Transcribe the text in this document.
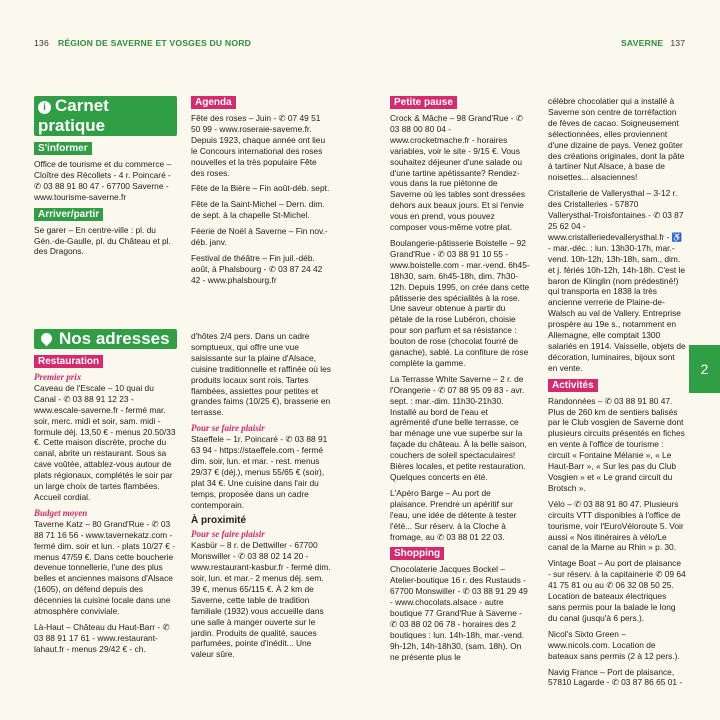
136 RÉGION DE SAVERNE ET VOSGES DU NORD	SAVERNE 137
2
i Carnet pratique
S'informer

Office de tourisme et du commerce – Cloître des Récollets - 4 r. Poincaré - ✆ 03 88 91 80 47 - 67700 Saverne - www.tourisme-saverne.fr

Arriver/partir

Se garer – En centre-ville : pl. du Gén.-de-Gaulle, pl. du Château et pl. des Dragons.

Nos adresses
Restauration
Premier prix

Caveau de l'Escale – 10 quai du Canal - ✆ 03 88 91 12 23 - www.escale-saverne.fr - fermé mar. soir, merc. midi et soir, sam. midi - formule déj. 13,50 € - menus 20.50/33 €. Cette maison discrète, proche du canal, abrite un restaurant. Sous sa cave voûtée, attablez-vous autour de plats régionaux, complétés le soir par un large choix de tartes flambées. Accueil cordial.

Budget moyen

Taverne Katz – 80 Grand'Rue - ✆ 03 88 71 16 56 - www.tavernekatz.com - fermé dim. soir et lun. - plats 10/27 € - menus 47/59 €. Dans cette boucherie devenue tonnellerie, l'une des plus belles et anciennes maisons d'Alsace (1605), on défend depuis des décennies la cuisine locale dans une atmosphère conviviale.

Là-Haut – Château du Haut-Barr - ✆ 03 88 91 17 61 - www.restaurant-lahaut.fr - menus 29/42 € - ch.

Agenda

Fête des roses – Juin - ✆ 07 49 51 50 99 - www.roseraie-saverne.fr. Depuis 1923, chaque année ont lieu le Concours international des roses nouvelles et la très populaire Fête des roses.

Fête de la Bière – Fin août-déb. sept.

Fête de la Saint-Michel – Dern. dim. de sept. à la chapelle St-Michel.

Féerie de Noël à Saverne – Fin nov.-déb. janv.

Festival de théâtre – Fin juil.-déb. août, à Phalsbourg - ✆ 03 87 24 42 42 - www.phalsbourg.fr

d'hôtes 2/4 pers. Dans un cadre somptueux, qui offre une vue saisissante sur la plaine d'Alsace, cuisine traditionnelle et raffinée où les produits locaux sont rois. Tartes flambées, assiettes pour petites et grandes faims (10/25 €), brasserie en terrasse.

Pour se faire plaisir

Staeffele – 1r. Poincaré - ✆ 03 88 91 63 94 - https://staeffele.com - fermé dim. soir, lun. et mar. - rest. menus 29/37 € (déj.), menus 55/65 € (soir), plat 34 €. Une cuisine dans l'air du temps, proposée dans un cadre contemporain.

À proximité
Pour se faire plaisir

Kasbür – 8 r. de Dettwiller - 67700 Monswiller - ✆ 03 88 02 14 20 - www.restaurant-kasbur.fr - fermé dim. soir, lun. et mar.- 2 menus déj. sem. 39 €, menus 65/115 €. À 2 km de Saverne, cette table de tradition familiale (1932) vous accueille dans une salle à manger ouverte sur le jardin. Produits de qualité, sauces parfumées, pointe d'inédit... Une valeur sûre.

Petite pause

Crock & Mâche – 98 Grand'Rue - ✆ 03 88 00 80 04 - www.crocketmache.fr - horaires variables, voir le site - 9/15 €. Vous souhaitez déjeuner d'une salade ou d'une tartine apétissante? Rendez-vous dans la rue piétonne de Saverne où les tables sont dressées dehors aux beaux jours. Et si l'envie vous en prend, vous pouvez composer vous-même votre plat.

Boulangerie-pâtisserie Boistelle – 92 Grand'Rue - ✆ 03 88 91 10 55 - www.boistelle.com - mar.-vend. 6h45-18h30, sam. 6h45-18h, dim. 7h30-12h. Depuis 1995, on crée dans cette pâtisserie des spécialités à la rose. Une saveur obtenue à partir du pétale de la rose Lubéron, choisie pour son parfum et sa résistance : bouton de rose (chocolat fourré de ganache), sablé. La confiture de rose complète la gamme.

La Terrasse White Saverne – 2 r. de l'Orangerie - ✆ 07 88 95 09 83 - avr. sept. : mar.-dim. 11h30-21h30. Installé au bord de l'eau et agrémenté d'une belle terrasse, ce bar ménage une vue superbe sur la façade du château. À la belle saison, couchers de soleil spectaculaires! Bières locales, et petite restauration. Quelques concerts en été.

L'Apéro Barge – Au port de plaisance. Prendre un apéritif sur l'eau, une idée de détente à tester l'été... Sur réserv. à la Cloche à fromage, au ✆ 03 88 01 22 03.

Shopping

Chocolaterie Jacques Bockel – Atelier-boutique 16 r. des Rustauds - 67700 Monswiller - ✆ 03 88 91 29 49 - www.chocolats.alsace - autre boutique 77 Grand'Rue à Saverne - ✆ 03 88 02 06 78 - horaires des 2 boutiques : lun. 14h-18h, mar.-vend. 9h-12h, 14h-18h30, (sam. 18h). On ne présente plus le

célèbre chocolatier qui a installé à Saverne son centre de torréfaction de fèves de cacao. Soigneusement sélectionnées, elles proviennent d'une dizaine de pays. Venez goûter des créations originales, dont la pâte à tartiner Nut Alsace, à base de noisettes... alsaciennes!

Cristallerie de Vallerysthal – 3-12 r. des Cristalleries - 57870 Vallerysthal-Troisfontaines - ✆ 03 87 25 62 04 - www.cristalleriedevallerysthal.fr - ♿ - mar.-déc. : lun. 13h30-17h, mar.-vend. 10h-12h, 13h-18h, sam., dim. et j. fériés 10h-12h, 14h-18h. C'est le baron de Klinglin (nom prédestiné!) qui transporta en 1838 la très ancienne verrerie de Plaine-de-Walsch au val de Vallery. Entreprise prospère au 19e s., notamment en Allemagne, elle comptait 1300 salariés en 1914. Vaisselle, objets de décoration, luminaires, bijoux sont en vente.

Activités

Randonnées – ✆ 03 88 91 80 47. Plus de 260 km de sentiers balisés par le Club vosgien de Saverne dont plusieurs circuits présentés en fiches en vente à l'office de tourisme : circuit « Fontaine Mélanie », « Le Haut-Barr », « Sur les pas du Club Vosgien » et « Le grand circuit du Brotsch ».

Vélo – ✆ 03 88 91 80 47. Plusieurs circuits VTT disponibles à l'office de tourisme, voir l'EuroVéloroute 5. Voir aussi « Nos itinéraires à vélo/Le canal de la Marne au Rhin » p. 30.

Vintage Boat – Au port de plaisance - sur réserv. à la capitainerie ✆ 09 64 41 75 81 ou au ✆ 06 32 08 50 25. Location de bateaux électriques sans permis pour la balade le long du canal (jusqu'à 6 pers.).

Nicol's Sixto Green – www.nicols.com. Location de bateaux sans permis (2 à 12 pers.).

Navig France – Port de plaisance, 57810 Lagarde - ✆ 03 87 86 65 01 -
